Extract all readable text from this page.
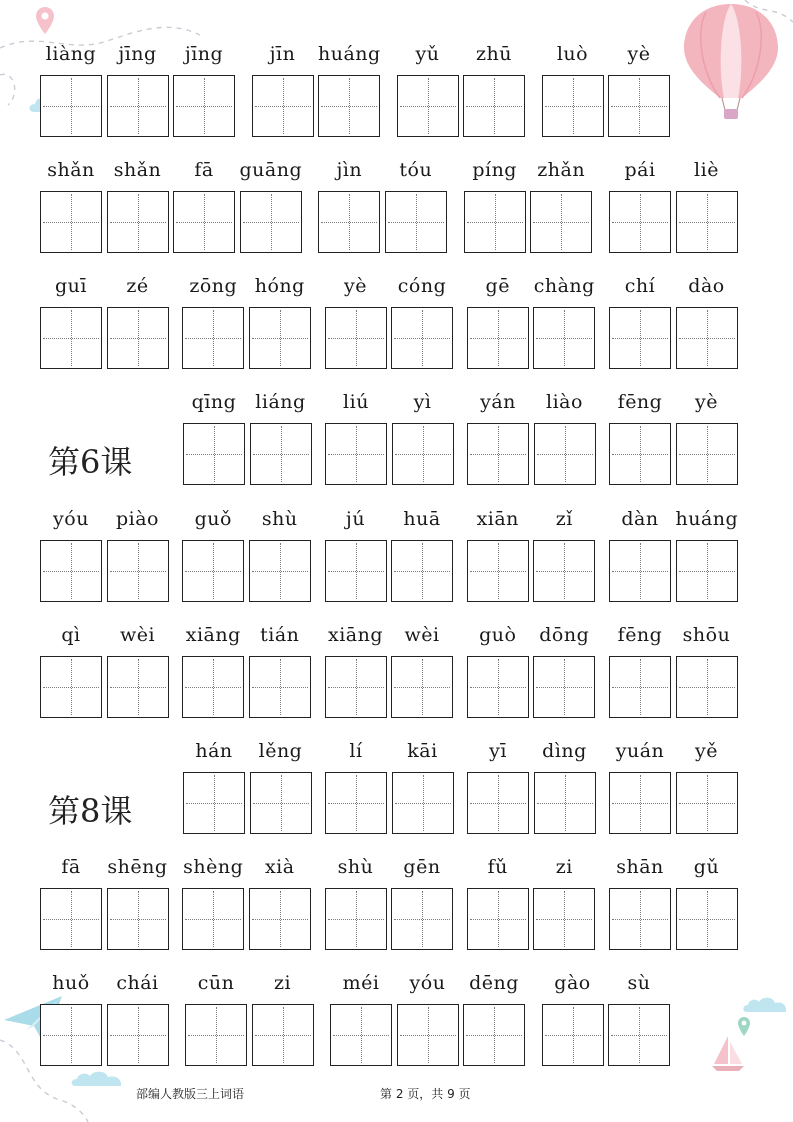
liàng	jīng	jīng	jīn	huáng	yǔ	zhū	luò	yè
shǎn shǎn	fā	guāng	jìn	tóu	píng	zhǎn	pái	liè
guī	zé	zōng hóng	yè	cóng	gē	chàng	chí	dào
第6课
qīng liáng	liú	yì	yán	liào	fēng	yè
yóu	piào	guǒ	shù	jú	huā	xiān	zǐ	dàn huáng
qì	wèi	xiāng	tián	xiāng	wèi	guò	dōng	fēng	shōu
第8课
hán	lěng	lí	kāi	yī	dìng	yuán	yě
fā	shēng shèng	xià	shù	gēn	fǔ	zi	shān	gǔ
huǒ	chái	cūn	zi	méi	yóu	dēng	gào	sù
部编人教版三上词语	第 2 页，共 9 页
